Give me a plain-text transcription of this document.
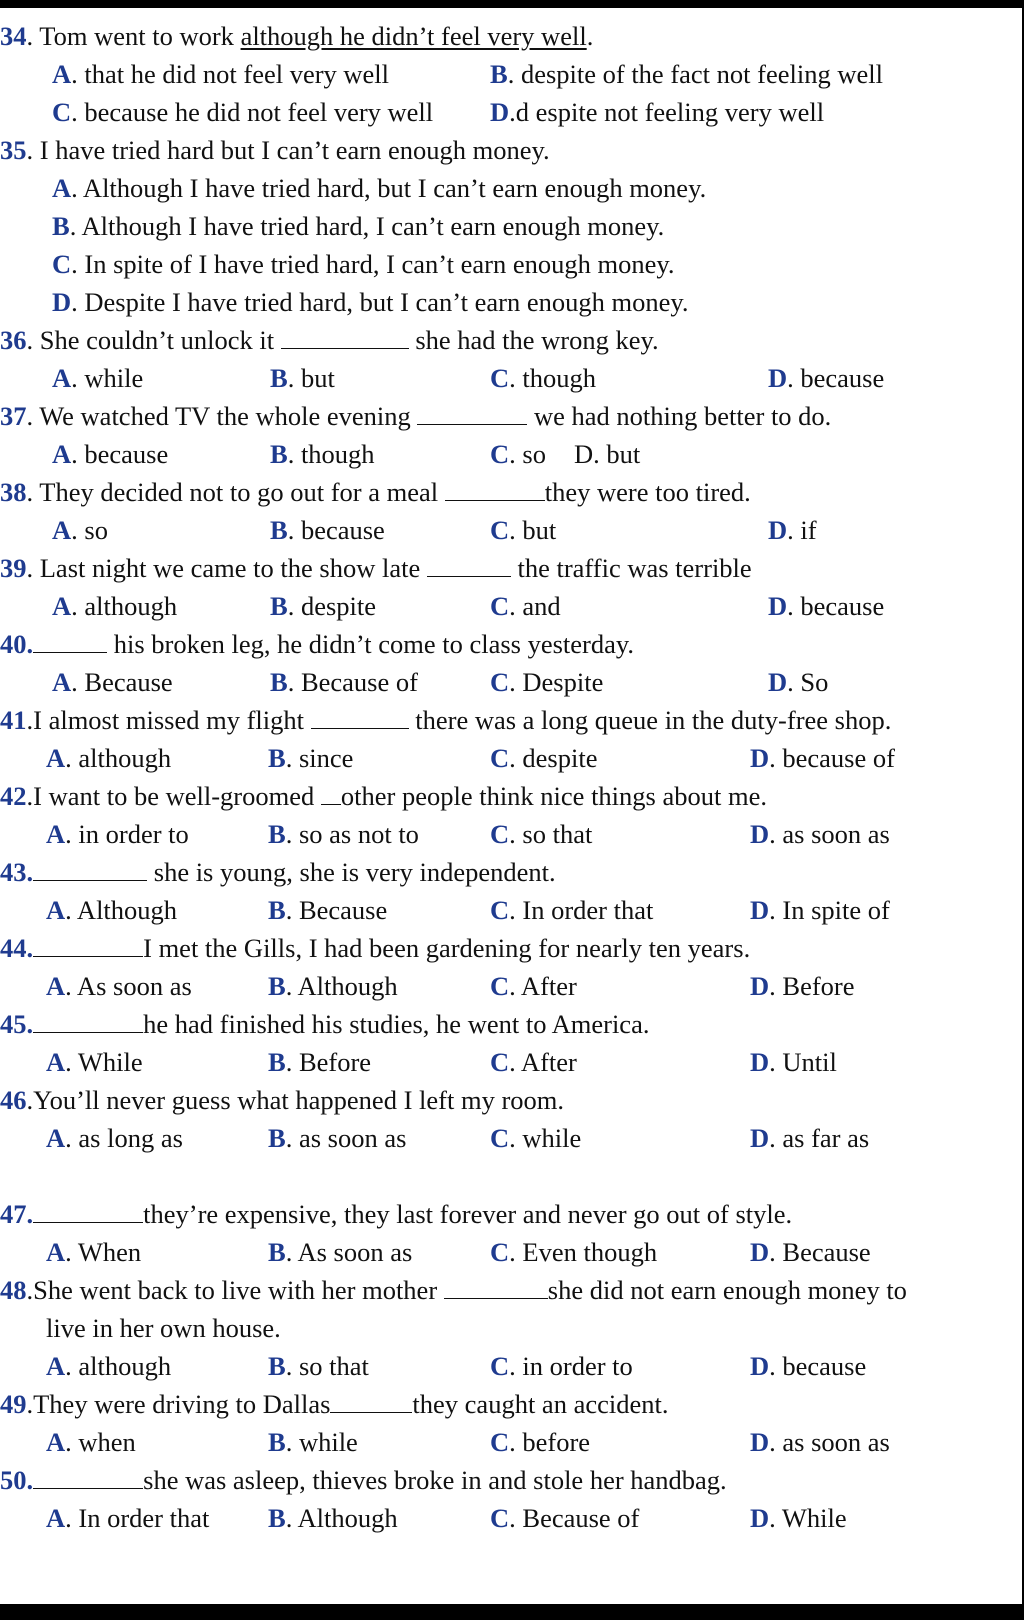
34. Tom went to work although he didn’t feel very well.
A. that he did not feel very well	B. despite of the fact not feeling well
C. because he did not feel very well D.d espite not feeling very well
35. I have tried hard but I can’t earn enough money.
A. Although I have tried hard, but I can’t earn enough money.
B. Although I have tried hard, I can’t earn enough money.
C. In spite of I have tried hard, I can’t earn enough money.
D. Despite I have tried hard, but I can’t earn enough money.
36. She couldn’t unlock it	she had the wrong key.
A. while	B. but	C. though	D. because
37. We watched TV the whole evening	we had nothing better to do.
A. because	B. though	C. so D. but
38. They decided not to go out for a meal	they were too tired.
A. so	B. because	C. but	D. if
39. Last night we came to the show late	the traffic was terrible
A. although	B. despite	C. and	D. because
40.	his broken leg, he didn’t come to class yesterday.
A. Because	B. Because of	C. Despite	D. So
41.I almost missed my flight	there was a long queue in the duty-free shop.
A. although	B. since	C. despite	D. because of
42.I want to be well-groomed other people think nice things about me.
A. in order to	B. so as not to	C. so that	D. as soon as
43.	she is young, she is very independent.
A. Although	B. Because	C. In order that	D. In spite of
44.	I met the Gills, I had been gardening for nearly ten years.
A. As soon as	B. Although	C. After	D. Before
45.	he had finished his studies, he went to America.
A. While	B. Before	C. After	D. Until
46.You’ll never guess what happened I left my room.
A. as long as	B. as soon as	C. while	D. as far as
47.	they’re expensive, they last forever and never go out of style.
A. When	B. As soon as	C. Even though	D. Because
48.She went back to live with her mother	she did not earn enough money to
live in her own house.
A. although	B. so that	C. in order to	D. because
49.They were driving to Dallas	they caught an accident.
A. when	B. while	C. before	D. as soon as
50.	she was asleep, thieves broke in and stole her handbag.
A. In order that B. Although	C. Because of	D. While
